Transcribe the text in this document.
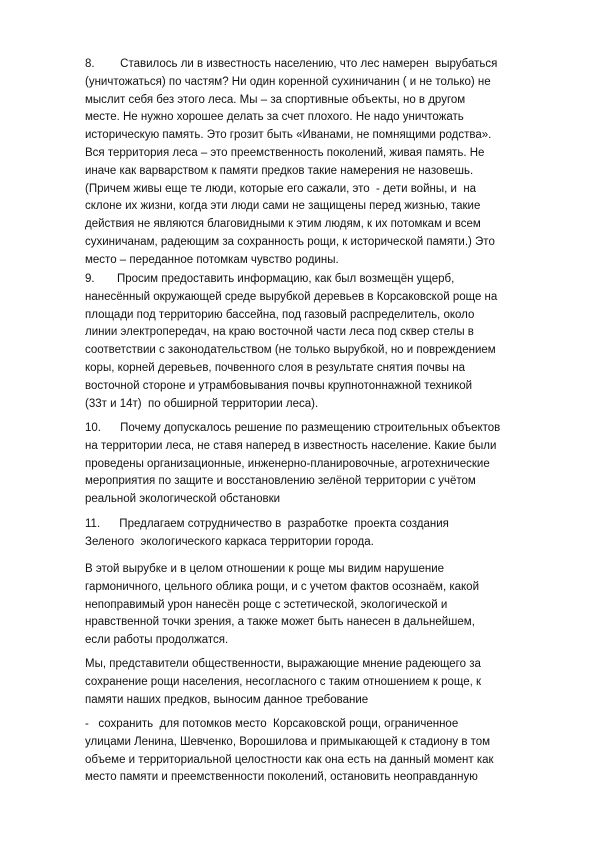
8.        Ставилось ли в известность населению, что лес намерен  вырубаться
(уничтожаться) по частям? Ни один коренной сухиничанин ( и не только) не
мыслит себя без этого леса. Мы – за спортивные объекты, но в другом
месте. Не нужно хорошее делать за счет плохого. Не надо уничтожать
историческую память. Это грозит быть «Иванами, не помнящими родства».
Вся территория леса – это преемственность поколений, живая память. Не
иначе как варварством к памяти предков такие намерения не назовешь.
(Причем живы еще те люди, которые его сажали, это  - дети войны, и  на
склоне их жизни, когда эти люди сами не защищены перед жизнью, такие
действия не являются благовидными к этим людям, к их потомкам и всем
сухиничанам, радеющим за сохранность рощи, к исторической памяти.) Это
место – переданное потомкам чувство родины.
9.       Просим предоставить информацию, как был возмещён ущерб,
нанесённый окружающей среде вырубкой деревьев в Корсаковской роще на
площади под территорию бассейна, под газовый распределитель, около
линии электропередач, на краю восточной части леса под сквер стелы в
соответствии с законодательством (не только вырубкой, но и повреждением
коры, корней деревьев, почвенного слоя в результате снятия почвы на
восточной стороне и утрамбовывания почвы крупнотоннажной техникой
(33т и 14т)  по обширной территории леса).
10.      Почему допускалось решение по размещению строительных объектов
на территории леса, не ставя наперед в известность население. Какие были
проведены организационные, инженерно-планировочные, агротехнические
мероприятия по защите и восстановлению зелёной территории с учётом
реальной экологической обстановки
11.      Предлагаем сотрудничество в  разработке  проекта создания
Зеленого  экологического каркаса территории города.
В этой вырубке и в целом отношении к роще мы видим нарушение
гармоничного, цельного облика рощи, и с учетом фактов осознаём, какой
непоправимый урон нанесён роще с эстетической, экологической и
нравственной точки зрения, а также может быть нанесен в дальнейшем,
если работы продолжатся.
Мы, представители общественности, выражающие мнение радеющего за
сохранение рощи населения, несогласного с таким отношением к роще, к
памяти наших предков, выносим данное требование
-   сохранить  для потомков место  Корсаковской рощи, ограниченное
улицами Ленина, Шевченко, Ворошилова и примыкающей к стадиону в том
объеме и территориальной целостности как она есть на данный момент как
место памяти и преемственности поколений, остановить неоправданную
